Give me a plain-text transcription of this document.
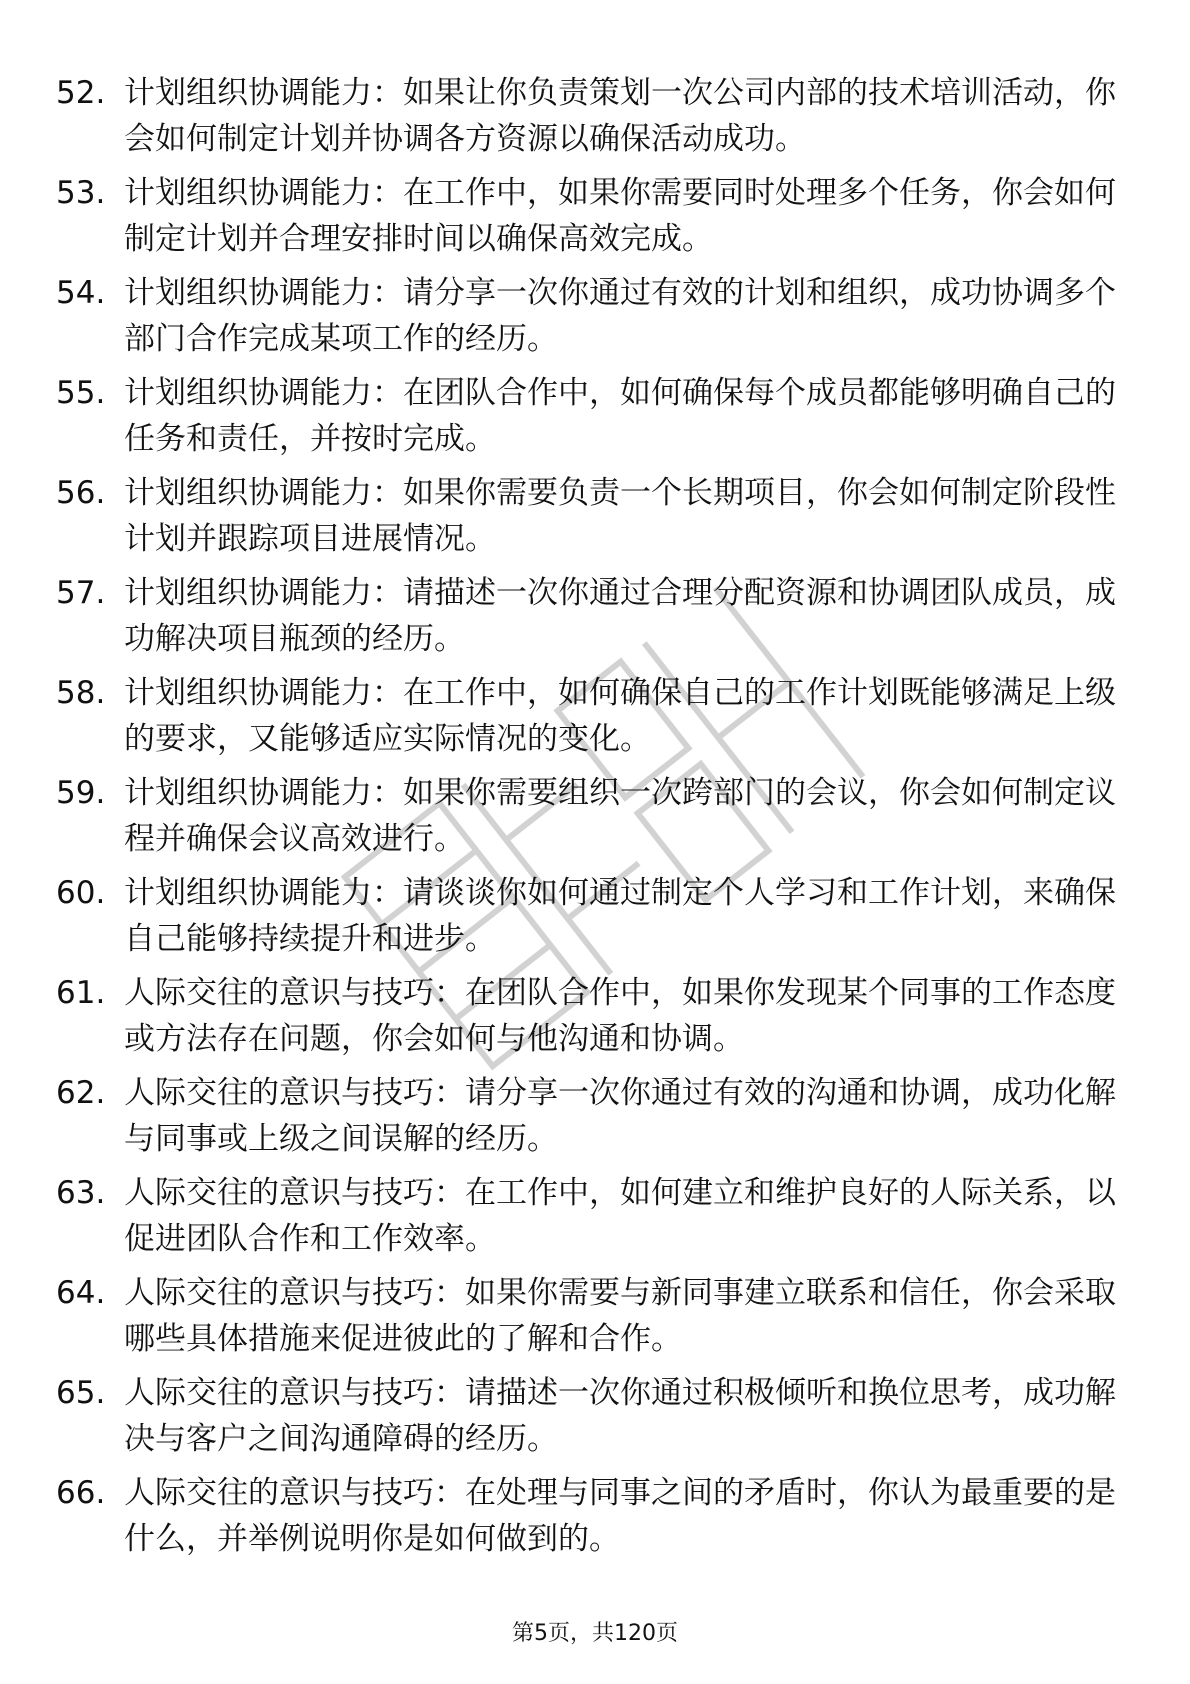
52. 计划组织协调能力：如果让你负责策划一次公司内部的技术培训活动，你会如何制定计划并协调各方资源以确保活动成功。
53. 计划组织协调能力：在工作中，如果你需要同时处理多个任务，你会如何制定计划并合理安排时间以确保高效完成。
54. 计划组织协调能力：请分享一次你通过有效的计划和组织，成功协调多个部门合作完成某项工作的经历。
55. 计划组织协调能力：在团队合作中，如何确保每个成员都能够明确自己的任务和责任，并按时完成。
56. 计划组织协调能力：如果你需要负责一个长期项目，你会如何制定阶段性计划并跟踪项目进展情况。
57. 计划组织协调能力：请描述一次你通过合理分配资源和协调团队成员，成功解决项目瓶颈的经历。
58. 计划组织协调能力：在工作中，如何确保自己的工作计划既能够满足上级的要求，又能够适应实际情况的变化。
59. 计划组织协调能力：如果你需要组织一次跨部门的会议，你会如何制定议程并确保会议高效进行。
60. 计划组织协调能力：请谈谈你如何通过制定个人学习和工作计划，来确保自己能够持续提升和进步。
61. 人际交往的意识与技巧：在团队合作中，如果你发现某个同事的工作态度或方法存在问题，你会如何与他沟通和协调。
62. 人际交往的意识与技巧：请分享一次你通过有效的沟通和协调，成功化解与同事或上级之间误解的经历。
63. 人际交往的意识与技巧：在工作中，如何建立和维护良好的人际关系，以促进团队合作和工作效率。
64. 人际交往的意识与技巧：如果你需要与新同事建立联系和信任，你会采取哪些具体措施来促进彼此的了解和合作。
65. 人际交往的意识与技巧：请描述一次你通过积极倾听和换位思考，成功解决与客户之间沟通障碍的经历。
66. 人际交往的意识与技巧：在处理与同事之间的矛盾时，你认为最重要的是什么，并举例说明你是如何做到的。
第5页，共120页
